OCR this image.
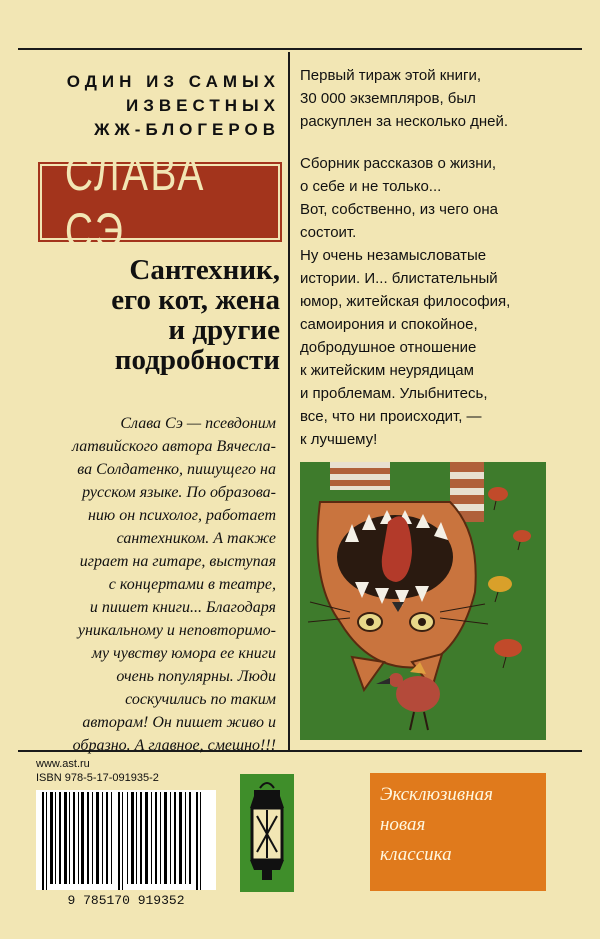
ОДИН ИЗ САМЫХ
ИЗВЕСТНЫХ
ЖЖ-БЛОГЕРОВ
СЛАВА СЭ
Сантехник,
его кот, жена
и другие
подробности
Слава Сэ — псевдоним
латвийского автора Вячесла-
ва Солдатенко, пишущего на
русском языке. По образова-
нию он психолог, работает
сантехником. А также
играет на гитаре, выступая
с концертами в театре,
и пишет книги... Благодаря
уникальному и неповторимо-
му чувству юмора ее книги
очень популярны. Люди
соскучились по таким
авторам! Он пишет живо и
образно. А главное, смешно!!!
Первый тираж этой книги,
30 000 экземпляров, был
раскуплен за несколько дней.
Сборник рассказов о жизни,
о себе и не только...
Вот, собственно, из чего она
состоит.
Ну очень незамысловатые
истории. И... блистательный
юмор, житейская философия,
самоирония и спокойное,
добродушное отношение
к житейским неурядицам
и проблемам. Улыбнитесь,
все, что ни происходит, —
к лучшему!
www.ast.ru
ISBN 978-5-17-091935-2
9 785170 919352
Эксклюзивная
новая
классика
